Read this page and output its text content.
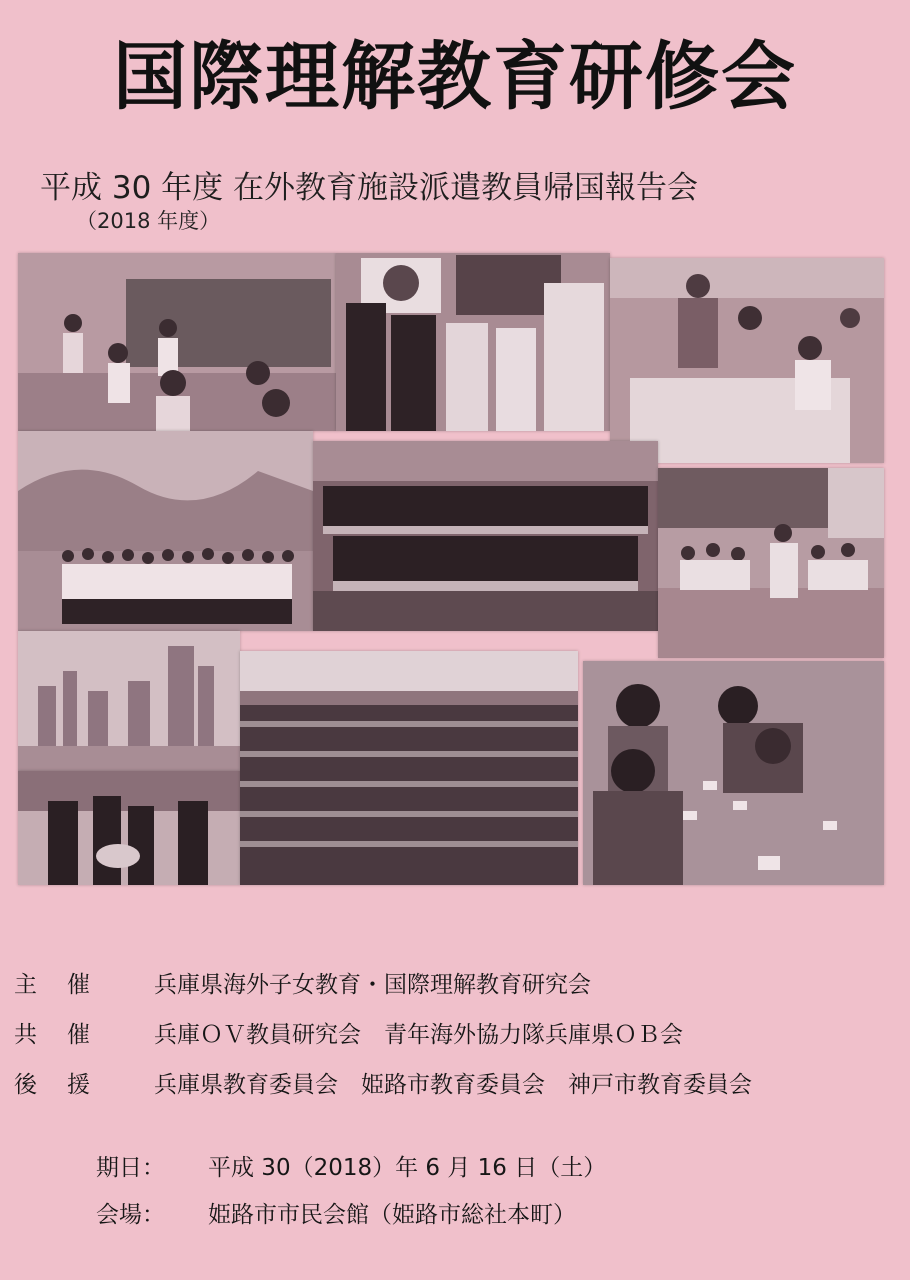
国際理解教育研修会
平成 30 年度 在外教育施設派遣教員帰国報告会
（2018 年度）
主催	兵庫県海外子女教育・国際理解教育研究会
共催	兵庫ＯＶ教員研究会　青年海外協力隊兵庫県ＯＢ会
後援	兵庫県教育委員会　姫路市教育委員会　神戸市教育委員会
期日：	平成 30（2018）年 6 月 16 日（土）
会場：	姫路市市民会館（姫路市総社本町）
